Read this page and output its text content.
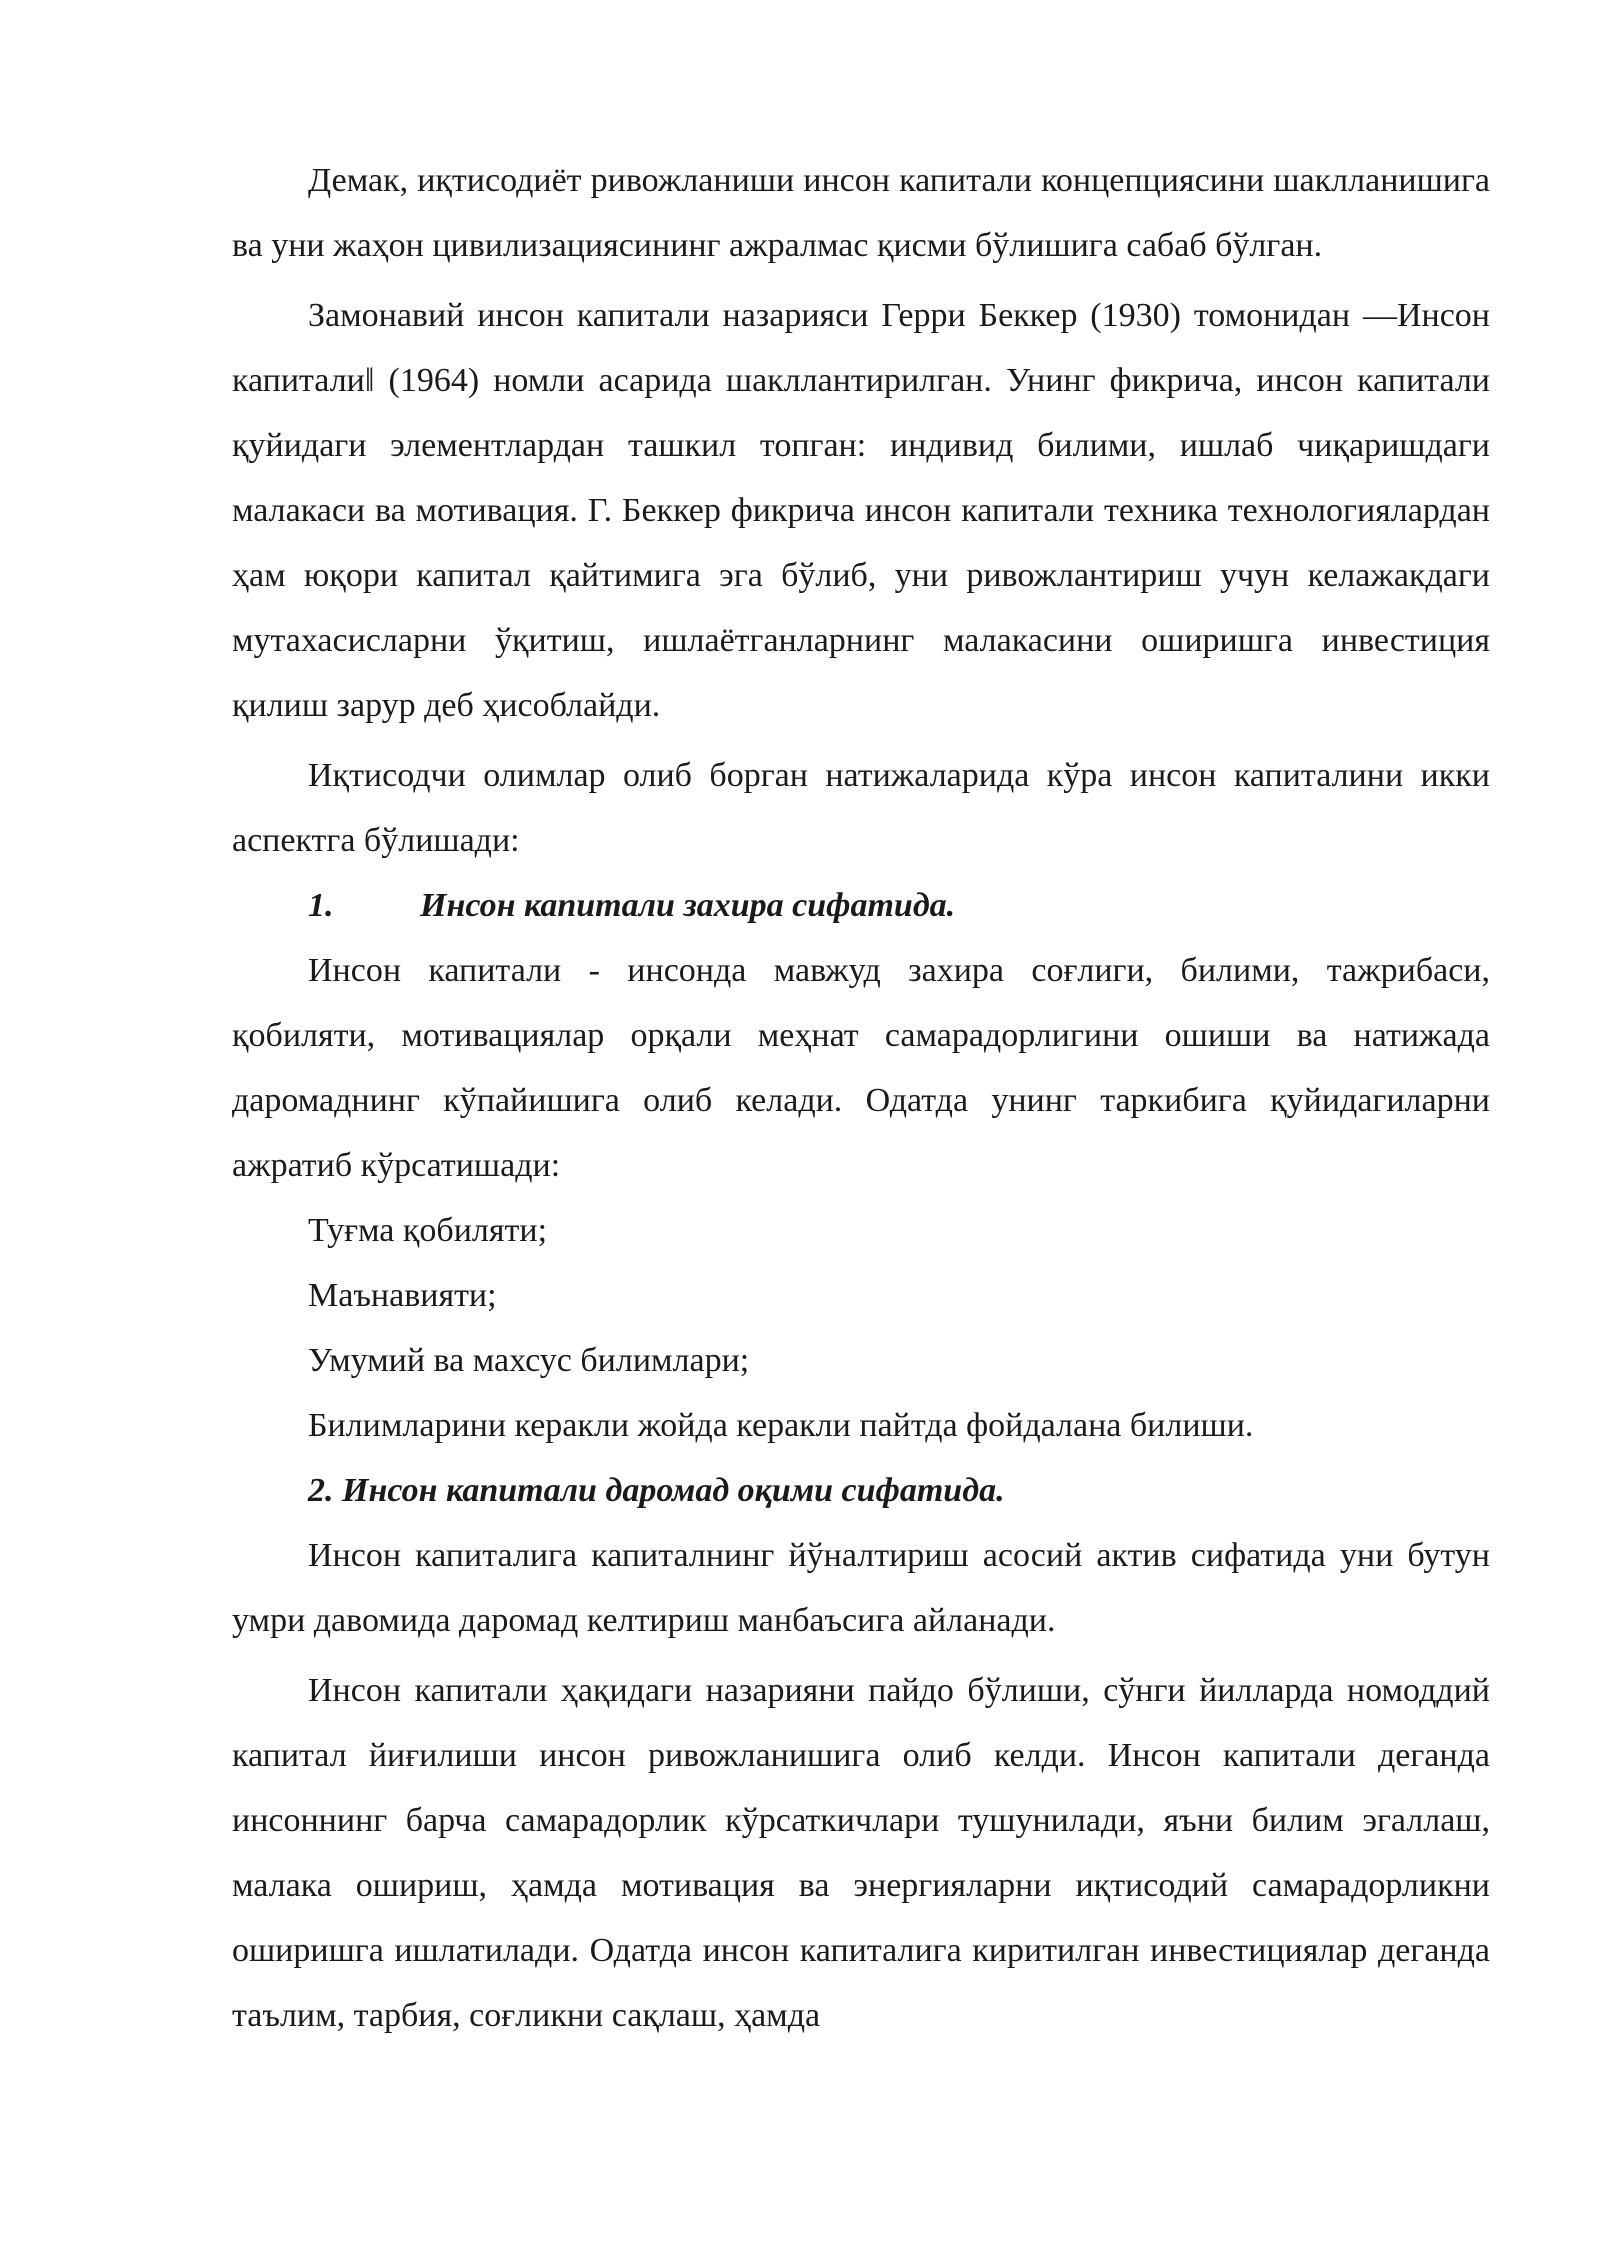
Демак, иқтисодиёт ривожланиши инсон капитали концепциясини шаклланишига ва уни жаҳон цивилизациясининг ажралмас қисми бўлишига сабаб бўлган.

Замонавий инсон капитали назарияси Герри Беккер (1930) томонидан ―Инсон капитали‖ (1964) номли асарида шакллантирилган. Унинг фикрича, инсон капитали қуйидаги элементлардан ташкил топган: индивид билими, ишлаб чиқаришдаги малакаси ва мотивация. Г. Беккер фикрича инсон капитали техника технологиялардан ҳам юқори капитал қайтимига эга бўлиб, уни ривожлантириш учун келажакдаги мутахасисларни ўқитиш, ишлаётганларнинг малакасини оширишга инвестиция қилиш зарур деб ҳисоблайди.

Иқтисодчи олимлар олиб борган натижаларида кўра инсон капиталини икки аспектга бўлишади:

1.	Инсон капитали захира сифатида.

Инсон капитали - инсонда мавжуд захира соғлиги, билими, тажрибаси, қобиляти, мотивациялар орқали меҳнат самарадорлигини ошиши ва натижада даромаднинг кўпайишига олиб келади. Одатда унинг таркибига қуйидагиларни ажратиб кўрсатишади:

Туғма қобиляти;

Маънавияти;

Умумий ва махсус билимлари;

Билимларини керакли жойда керакли пайтда фойдалана билиши.

2. Инсон капитали даромад оқими сифатида.

Инсон капиталига капиталнинг йўналтириш асосий актив сифатида уни бутун умри давомида даромад келтириш манбаъсига айланади.

Инсон капитали ҳақидаги назарияни пайдо бўлиши, сўнги йилларда номоддий капитал йиғилиши инсон ривожланишига олиб келди. Инсон капитали деганда инсоннинг барча самарадорлик кўрсаткичлари тушунилади, яъни билим эгаллаш, малака ошириш, ҳамда мотивация ва энергияларни иқтисодий самарадорликни оширишга ишлатилади. Одатда инсон капиталига киритилган инвестициялар деганда таълим, тарбия, соғликни сақлаш, ҳамда
